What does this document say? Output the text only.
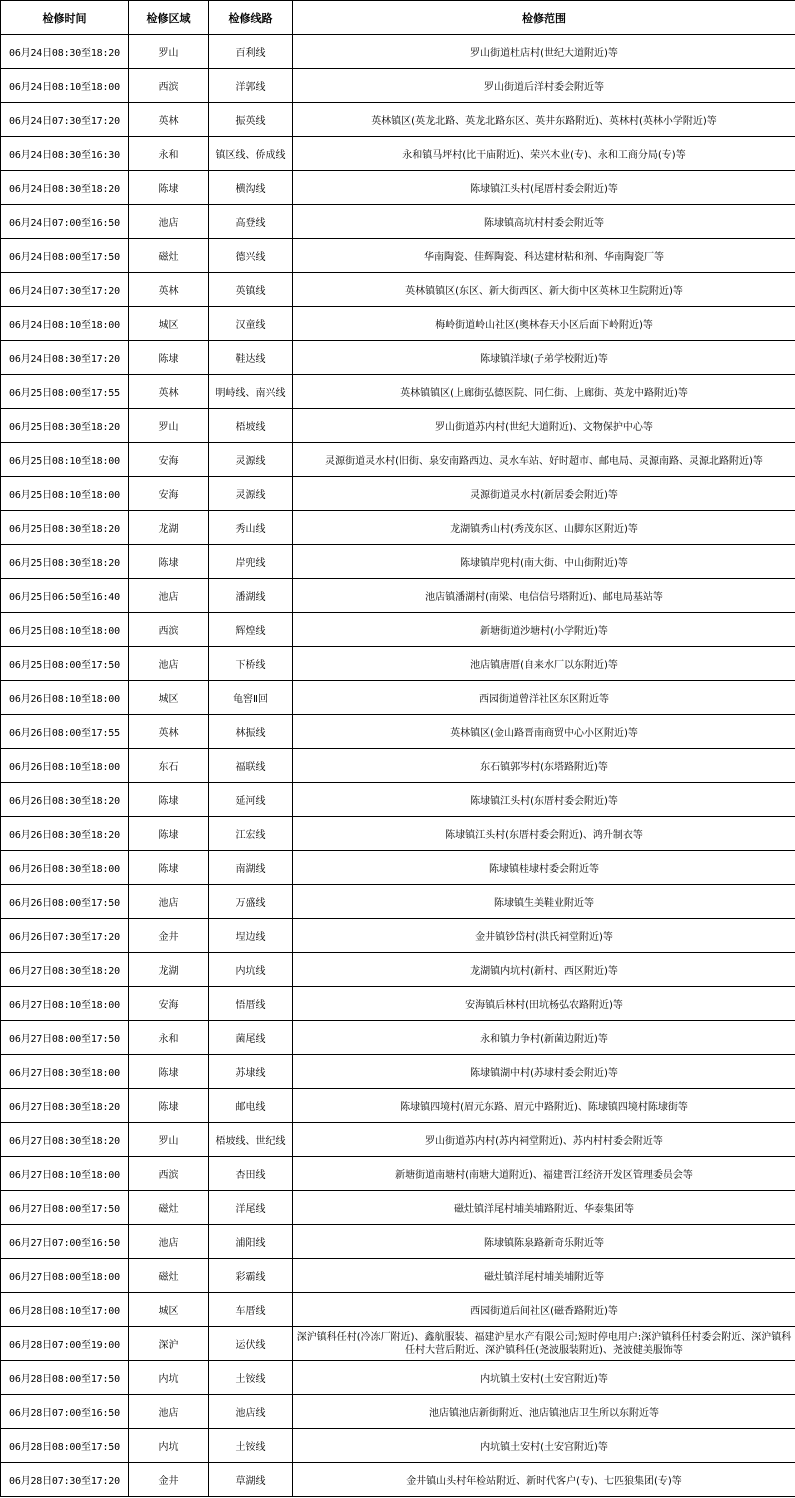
检修时间	检修区域	检修线路	检修范围
06月24日08:30至18:20	罗山	百利线	罗山街道杜店村(世纪大道附近)等
06月24日08:10至18:00	西滨	洋郭线	罗山街道后洋村委会附近等
06月24日07:30至17:20	英林	振英线	英林镇区(英龙北路、英龙北路东区、英井东路附近)、英林村(英林小学附近)等
06月24日08:30至16:30	永和	镇区线、侨成线	永和镇马坪村(比干庙附近)、荣兴木业(专)、永和工商分局(专)等
06月24日08:30至18:20	陈埭	横沟线	陈埭镇江头村(尾厝村委会附近)等
06月24日07:00至16:50	池店	高登线	陈埭镇高坑村村委会附近等
06月24日08:00至17:50	磁灶	德兴线	华南陶瓷、佳辉陶瓷、科达建材粘和剂、华南陶瓷厂等
06月24日07:30至17:20	英林	英镇线	英林镇镇区(东区、新大街西区、新大街中区英林卫生院附近)等
06月24日08:10至18:00	城区	汉童线	梅岭街道岭山社区(奥林春天小区后面下岭附近)等
06月24日08:30至17:20	陈埭	鞋达线	陈埭镇洋埭(子弟学校附近)等
06月25日08:00至17:55	英林	明峙线、南兴线	英林镇镇区(上廊街弘德医院、同仁街、上廊街、英龙中路附近)等
06月25日08:30至18:20	罗山	梧坡线	罗山街道苏内村(世纪大道附近)、文物保护中心等
06月25日08:10至18:00	安海	灵源线	灵源街道灵水村(旧街、泉安南路西边、灵水车站、好时超市、邮电局、灵源南路、灵源北路附近)等
06月25日08:10至18:00	安海	灵源线	灵源街道灵水村(新居委会附近)等
06月25日08:30至18:20	龙湖	秀山线	龙湖镇秀山村(秀茂东区、山脚东区附近)等
06月25日08:30至18:20	陈埭	岸兜线	陈埭镇岸兜村(南大街、中山街附近)等
06月25日06:50至16:40	池店	潘湖线	池店镇潘湖村(南梁、电信信号塔附近)、邮电局基站等
06月25日08:10至18:00	西滨	辉煌线	新塘街道沙塘村(小学附近)等
06月25日08:00至17:50	池店	下桥线	池店镇唐厝(自来水厂以东附近)等
06月26日08:10至18:00	城区	龟窖Ⅱ回	西园街道曾洋社区东区附近等
06月26日08:00至17:55	英林	林振线	英林镇区(金山路晋南商贸中心小区附近)等
06月26日08:10至18:00	东石	福联线	东石镇郭岑村(东塔路附近)等
06月26日08:30至18:20	陈埭	延河线	陈埭镇江头村(东厝村委会附近)等
06月26日08:30至18:20	陈埭	江宏线	陈埭镇江头村(东厝村委会附近)、鸿升制衣等
06月26日08:30至18:00	陈埭	南湖线	陈埭镇桂埭村委会附近等
06月26日08:00至17:50	池店	万盛线	陈埭镇生美鞋业附近等
06月26日07:30至17:20	金井	埕边线	金井镇钞岱村(洪氏祠堂附近)等
06月27日08:30至18:20	龙湖	内坑线	龙湖镇内坑村(新村、西区附近)等
06月27日08:10至18:00	安海	悟厝线	安海镇后林村(田坑杨弘农路附近)等
06月27日08:00至17:50	永和	菌尾线	永和镇力争村(新菌边附近)等
06月27日08:30至18:00	陈埭	苏埭线	陈埭镇湖中村(苏埭村委会附近)等
06月27日08:30至18:20	陈埭	邮电线	陈埭镇四境村(眉元东路、眉元中路附近)、陈埭镇四境村陈埭街等
06月27日08:30至18:20	罗山	梧坡线、世纪线	罗山街道苏内村(苏内祠堂附近)、苏内村村委会附近等
06月27日08:10至18:00	西滨	杏田线	新塘街道南塘村(南塘大道附近)、福建晋江经济开发区管理委员会等
06月27日08:00至17:50	磁灶	洋尾线	磁灶镇洋尾村埔美埔路附近、华泰集团等
06月27日07:00至16:50	池店	浦阳线	陈埭镇陈泉路新奇乐附近等
06月27日08:00至18:00	磁灶	彩霸线	磁灶镇洋尾村埔美埔附近等
06月28日08:10至17:00	城区	车厝线	西园街道后间社区(磁香路附近)等
06月28日07:00至19:00	深沪	运伏线	深沪镇科任村(冷冻厂附近)、鑫航服装、福建沪星水产有限公司;短时停电用户:深沪镇科任村委会附近、深沪镇科任村大营后附近、深沪镇科任(尧波服装附近)、尧波健美服饰等
06月28日08:00至17:50	内坑	土铵线	内坑镇土安村(土安宫附近)等
06月28日07:00至16:50	池店	池店线	池店镇池店新街附近、池店镇池店卫生所以东附近等
06月28日08:00至17:50	内坑	土铵线	内坑镇土安村(土安宫附近)等
06月28日07:30至17:20	金井	草湖线	金井镇山头村年检站附近、新时代客户(专)、七匹狼集团(专)等
